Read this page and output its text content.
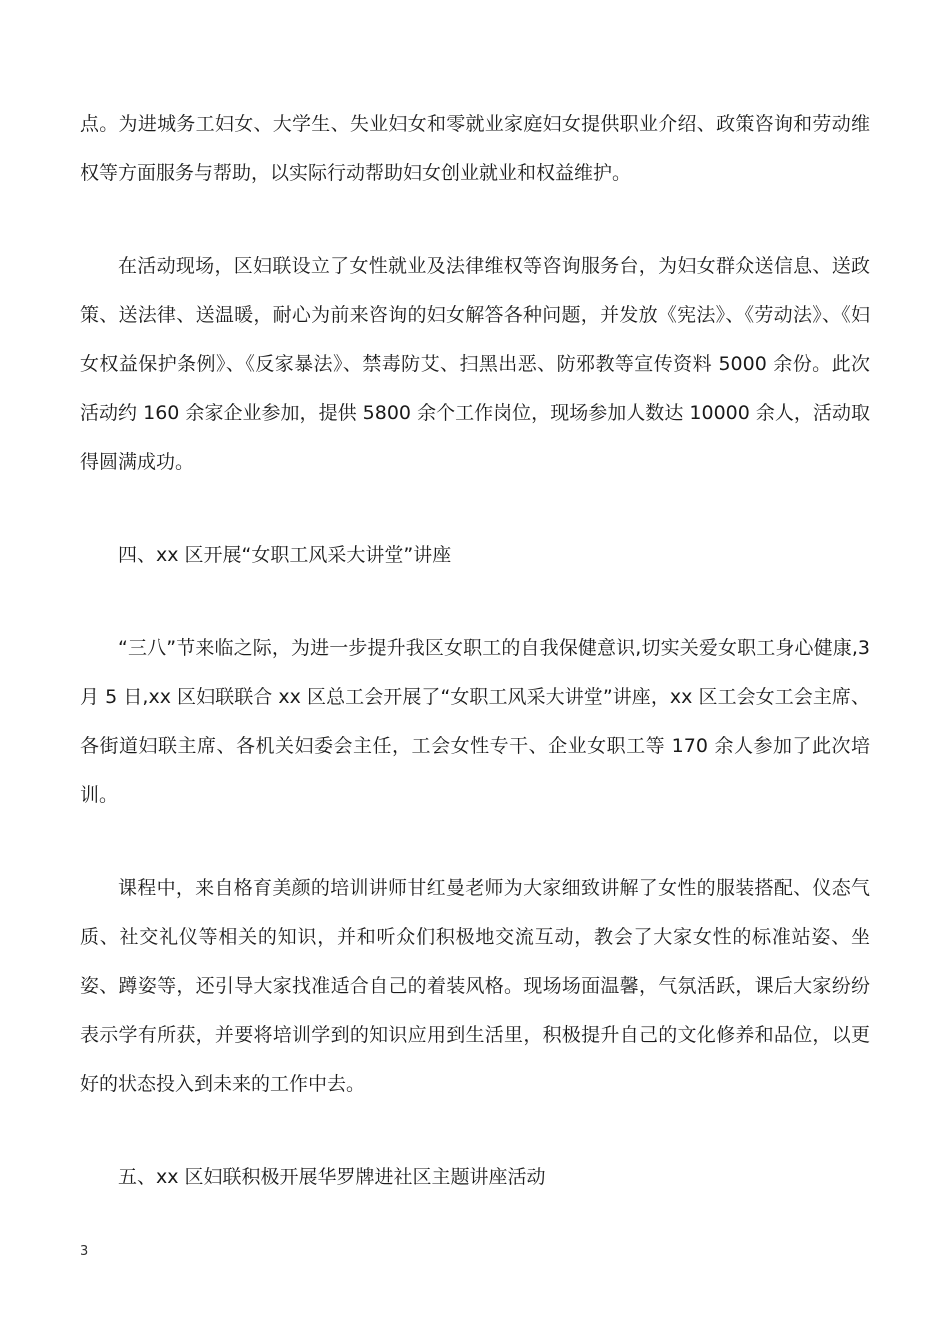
点。为进城务工妇女、大学生、失业妇女和零就业家庭妇女提供职业介绍、政策咨询和劳动维权等方面服务与帮助，以实际行动帮助妇女创业就业和权益维护。

在活动现场，区妇联设立了女性就业及法律维权等咨询服务台，为妇女群众送信息、送政策、送法律、送温暖，耐心为前来咨询的妇女解答各种问题，并发放《宪法》、《劳动法》、《妇女权益保护条例》、《反家暴法》、禁毒防艾、扫黑出恶、防邪教等宣传资料 5000 余份。此次活动约 160 余家企业参加，提供 5800 余个工作岗位，现场参加人数达 10000 余人，活动取得圆满成功。

四、xx 区开展“女职工风采大讲堂”讲座

“三八”节来临之际，为进一步提升我区女职工的自我保健意识,切实关爱女职工身心健康,3 月 5 日,xx 区妇联联合 xx 区总工会开展了“女职工风采大讲堂”讲座，xx 区工会女工会主席、各街道妇联主席、各机关妇委会主任，工会女性专干、企业女职工等 170 余人参加了此次培训。

课程中，来自格育美颜的培训讲师甘红曼老师为大家细致讲解了女性的服装搭配、仪态气质、社交礼仪等相关的知识，并和听众们积极地交流互动，教会了大家女性的标准站姿、坐姿、蹲姿等，还引导大家找准适合自己的着装风格。现场场面温馨，气氛活跃，课后大家纷纷表示学有所获，并要将培训学到的知识应用到生活里，积极提升自己的文化修养和品位，以更好的状态投入到未来的工作中去。

五、xx 区妇联积极开展华罗牌进社区主题讲座活动

3
